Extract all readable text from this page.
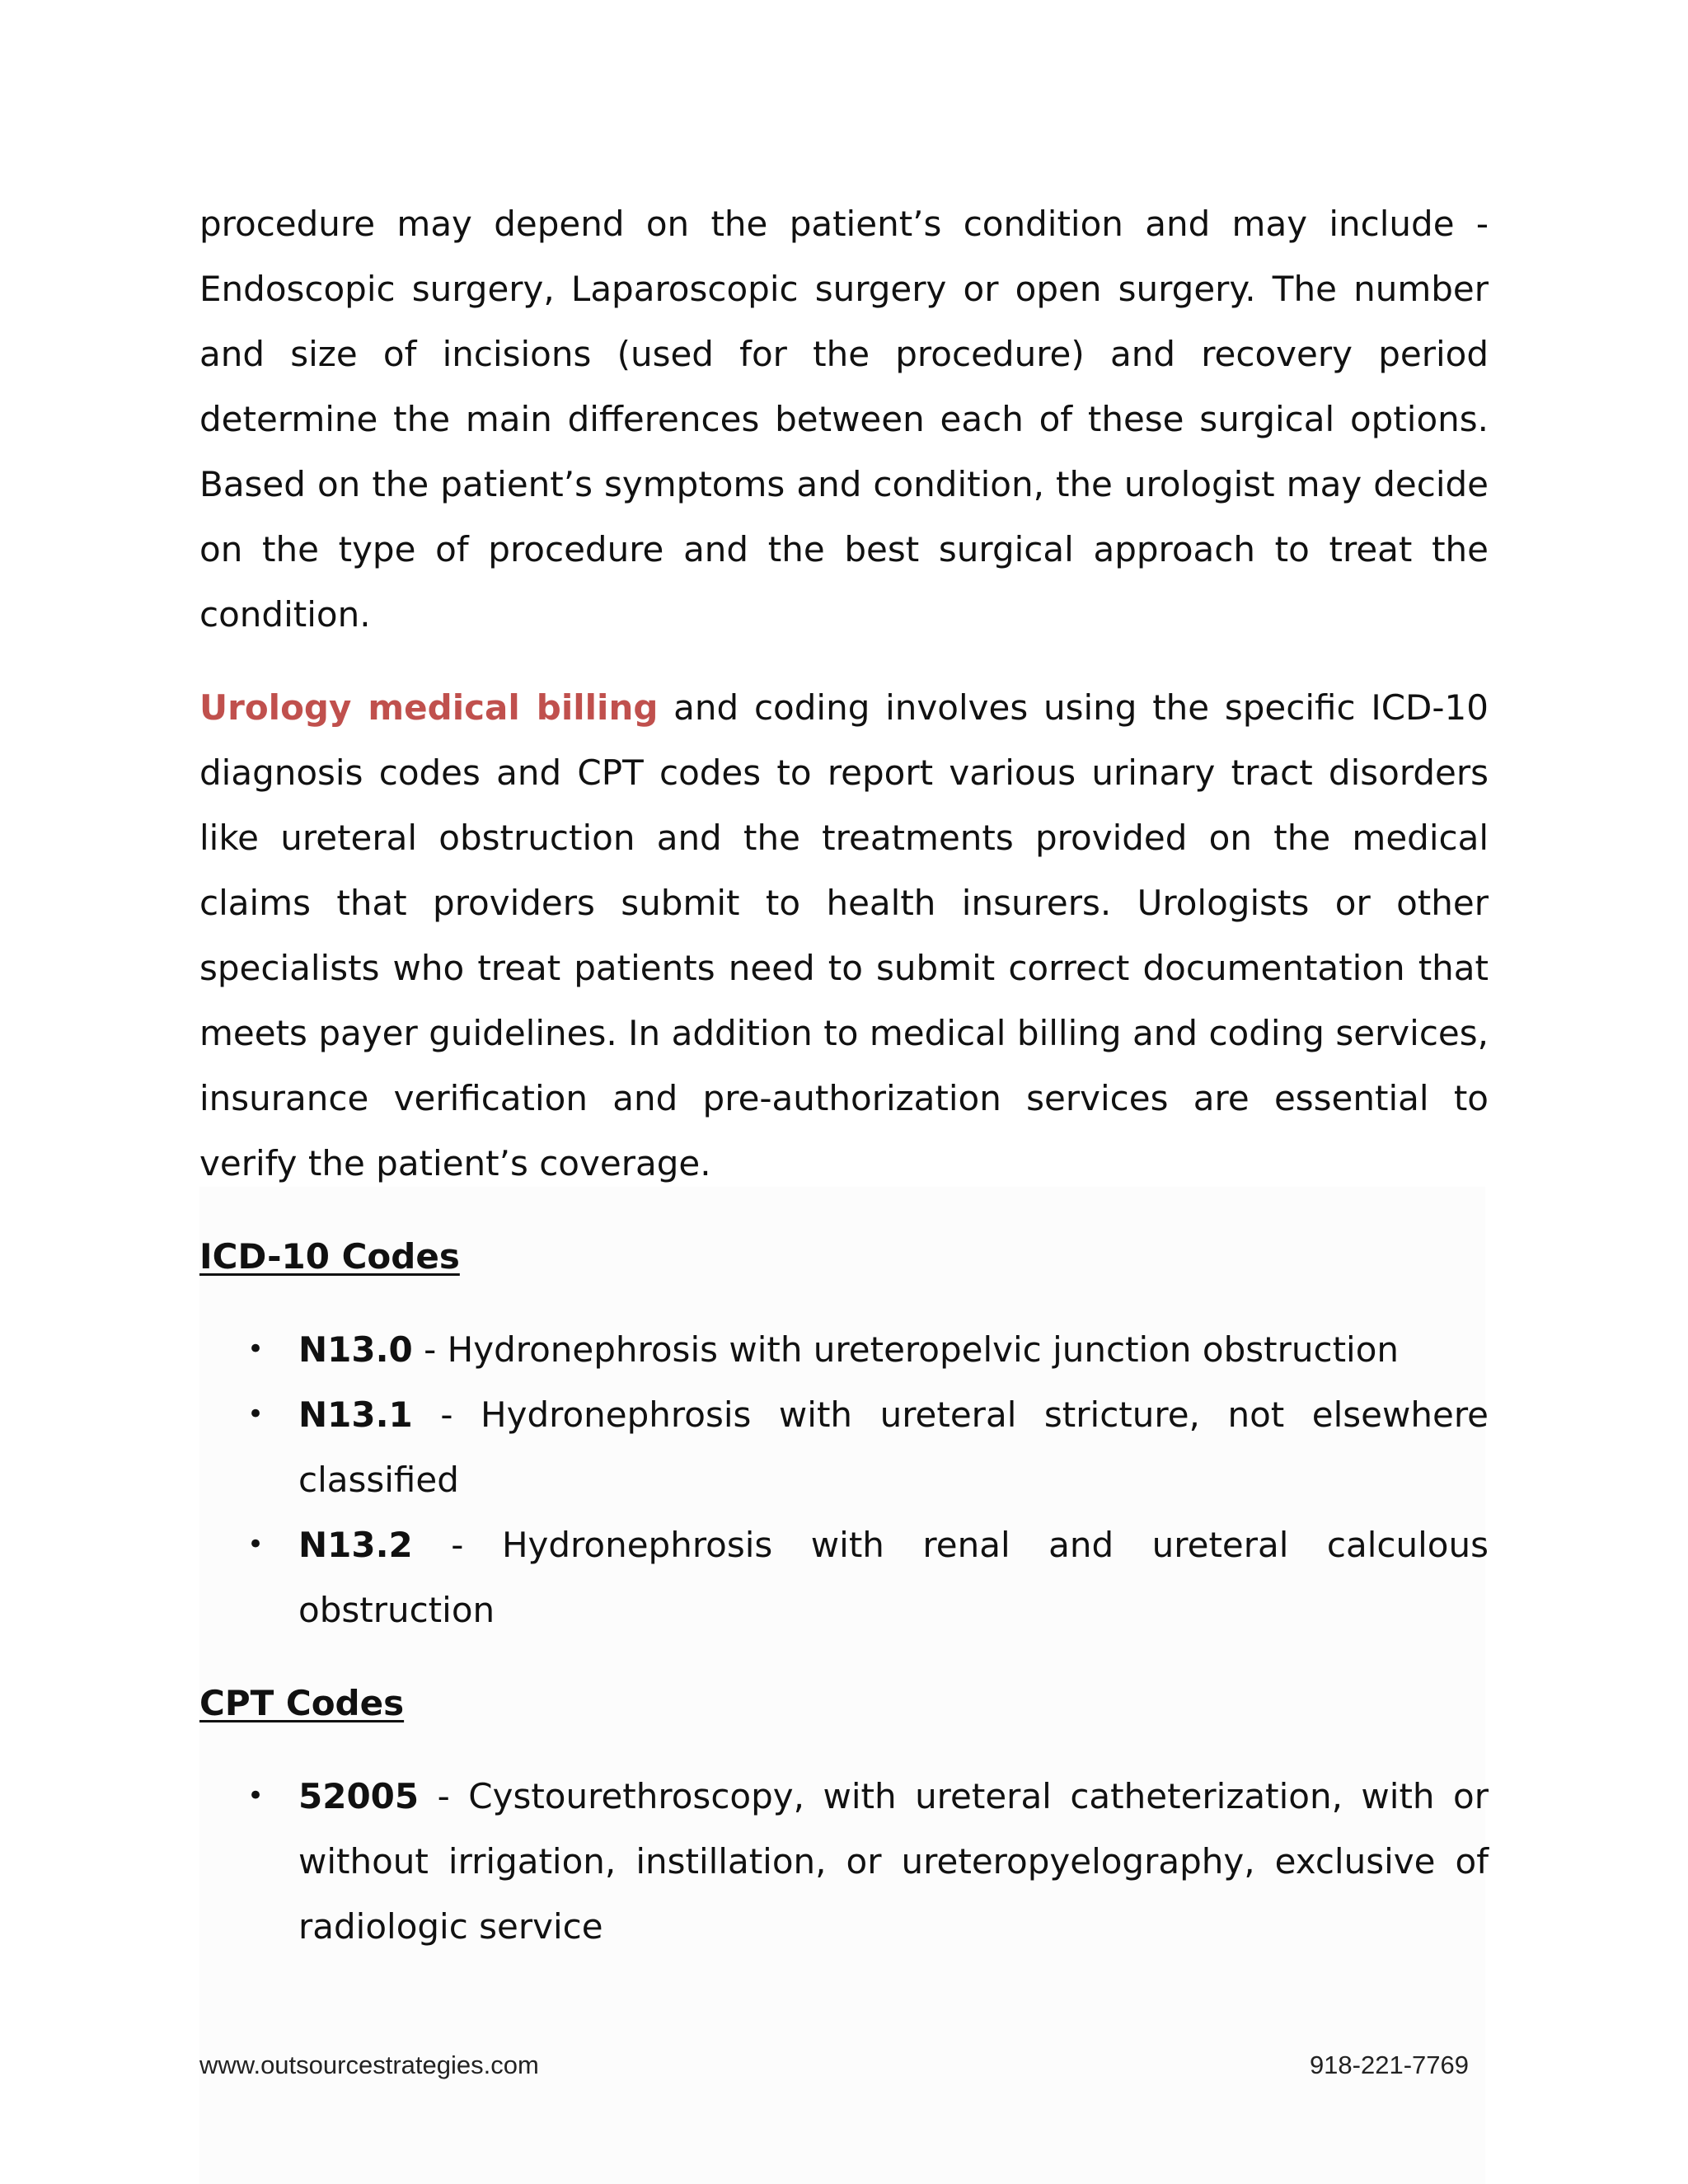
procedure may depend on the patient’s condition and may include - Endoscopic surgery, Laparoscopic surgery or open surgery. The number and size of incisions (used for the procedure) and recovery period determine the main differences between each of these surgical options. Based on the patient’s symptoms and condition, the urologist may decide on the type of procedure and the best surgical approach to treat the condition.

Urology medical billing and coding involves using the specific ICD-10 diagnosis codes and CPT codes to report various urinary tract disorders like ureteral obstruction and the treatments provided on the medical claims that providers submit to health insurers. Urologists or other specialists who treat patients need to submit correct documentation that meets payer guidelines. In addition to medical billing and coding services, insurance verification and pre-authorization services are essential to verify the patient’s coverage.

ICD-10 Codes
• N13.0 - Hydronephrosis with ureteropelvic junction obstruction
• N13.1 - Hydronephrosis with ureteral stricture, not elsewhere classified
• N13.2 - Hydronephrosis with renal and ureteral calculous obstruction
CPT Codes
• 52005 - Cystourethroscopy, with ureteral catheterization, with or without irrigation, instillation, or ureteropyelography, exclusive of radiologic service
www.outsourcestrategies.com	918-221-7769
